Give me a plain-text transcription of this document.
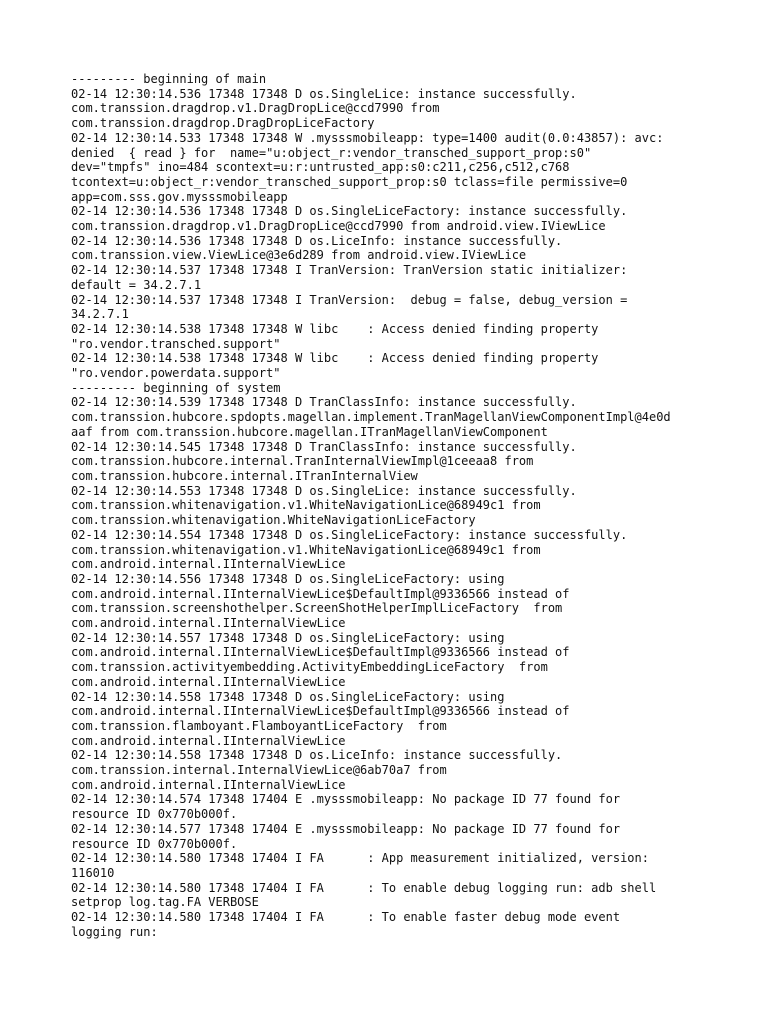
--------- beginning of main
02-14 12:30:14.536 17348 17348 D os.SingleLice: instance successfully.
com.transsion.dragdrop.v1.DragDropLice@ccd7990 from
com.transsion.dragdrop.DragDropLiceFactory
02-14 12:30:14.533 17348 17348 W .mysssmobileapp: type=1400 audit(0.0:43857): avc:
denied  { read } for  name="u:object_r:vendor_transched_support_prop:s0"
dev="tmpfs" ino=484 scontext=u:r:untrusted_app:s0:c211,c256,c512,c768
tcontext=u:object_r:vendor_transched_support_prop:s0 tclass=file permissive=0
app=com.sss.gov.mysssmobileapp
02-14 12:30:14.536 17348 17348 D os.SingleLiceFactory: instance successfully.
com.transsion.dragdrop.v1.DragDropLice@ccd7990 from android.view.IViewLice
02-14 12:30:14.536 17348 17348 D os.LiceInfo: instance successfully.
com.transsion.view.ViewLice@3e6d289 from android.view.IViewLice
02-14 12:30:14.537 17348 17348 I TranVersion: TranVersion static initializer:
default = 34.2.7.1
02-14 12:30:14.537 17348 17348 I TranVersion:  debug = false, debug_version =
34.2.7.1
02-14 12:30:14.538 17348 17348 W libc    : Access denied finding property
"ro.vendor.transched.support"
02-14 12:30:14.538 17348 17348 W libc    : Access denied finding property
"ro.vendor.powerdata.support"
--------- beginning of system
02-14 12:30:14.539 17348 17348 D TranClassInfo: instance successfully.
com.transsion.hubcore.spdopts.magellan.implement.TranMagellanViewComponentImpl@4e0d
aaf from com.transsion.hubcore.magellan.ITranMagellanViewComponent
02-14 12:30:14.545 17348 17348 D TranClassInfo: instance successfully.
com.transsion.hubcore.internal.TranInternalViewImpl@1ceeaa8 from
com.transsion.hubcore.internal.ITranInternalView
02-14 12:30:14.553 17348 17348 D os.SingleLice: instance successfully.
com.transsion.whitenavigation.v1.WhiteNavigationLice@68949c1 from
com.transsion.whitenavigation.WhiteNavigationLiceFactory
02-14 12:30:14.554 17348 17348 D os.SingleLiceFactory: instance successfully.
com.transsion.whitenavigation.v1.WhiteNavigationLice@68949c1 from
com.android.internal.IInternalViewLice
02-14 12:30:14.556 17348 17348 D os.SingleLiceFactory: using
com.android.internal.IInternalViewLice$DefaultImpl@9336566 instead of
com.transsion.screenshothelper.ScreenShotHelperImplLiceFactory  from
com.android.internal.IInternalViewLice
02-14 12:30:14.557 17348 17348 D os.SingleLiceFactory: using
com.android.internal.IInternalViewLice$DefaultImpl@9336566 instead of
com.transsion.activityembedding.ActivityEmbeddingLiceFactory  from
com.android.internal.IInternalViewLice
02-14 12:30:14.558 17348 17348 D os.SingleLiceFactory: using
com.android.internal.IInternalViewLice$DefaultImpl@9336566 instead of
com.transsion.flamboyant.FlamboyantLiceFactory  from
com.android.internal.IInternalViewLice
02-14 12:30:14.558 17348 17348 D os.LiceInfo: instance successfully.
com.transsion.internal.InternalViewLice@6ab70a7 from
com.android.internal.IInternalViewLice
02-14 12:30:14.574 17348 17404 E .mysssmobileapp: No package ID 77 found for
resource ID 0x770b000f.
02-14 12:30:14.577 17348 17404 E .mysssmobileapp: No package ID 77 found for
resource ID 0x770b000f.
02-14 12:30:14.580 17348 17404 I FA      : App measurement initialized, version:
116010
02-14 12:30:14.580 17348 17404 I FA      : To enable debug logging run: adb shell
setprop log.tag.FA VERBOSE
02-14 12:30:14.580 17348 17404 I FA      : To enable faster debug mode event
logging run:
